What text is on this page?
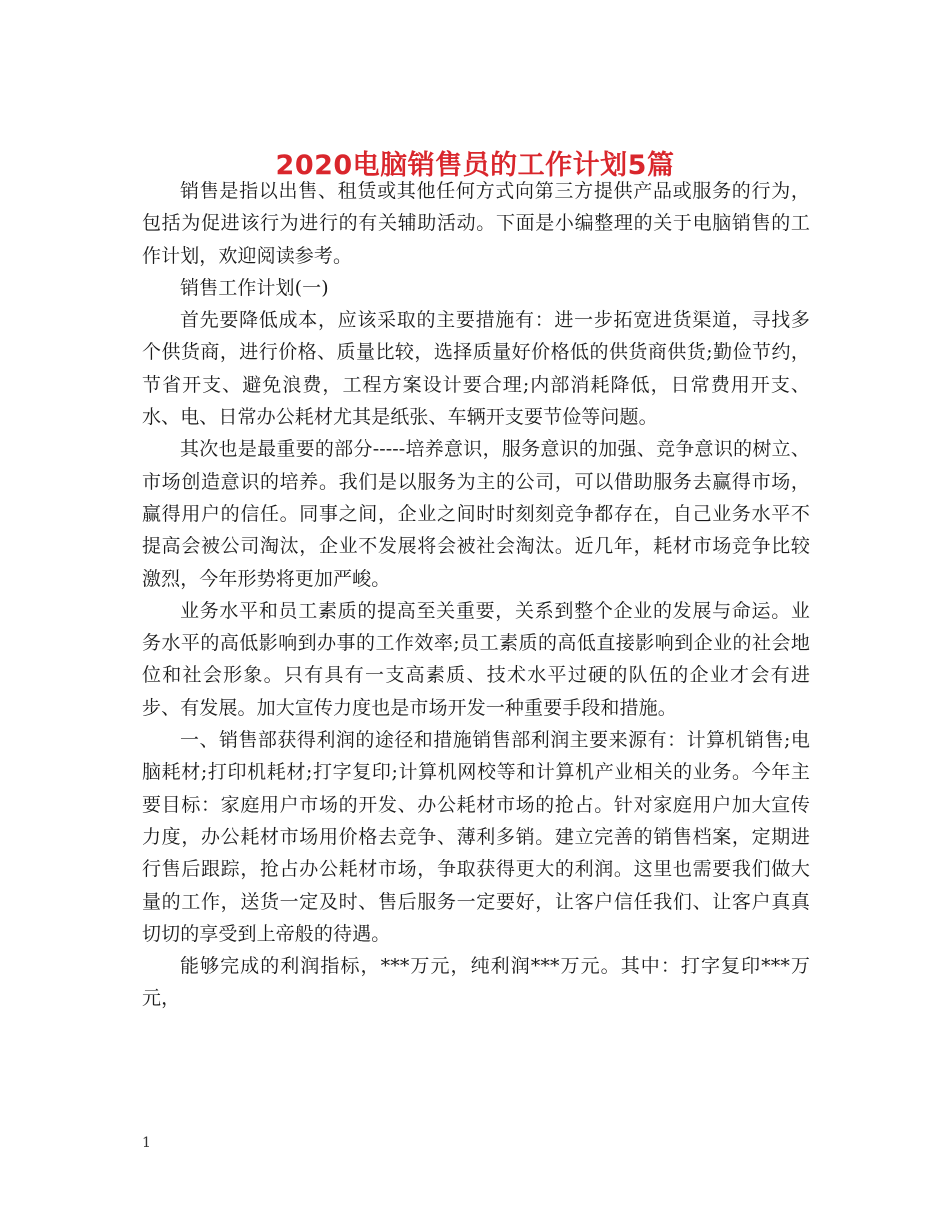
2020电脑销售员的工作计划5篇

销售是指以出售、租赁或其他任何方式向第三方提供产品或服务的行为，包括为促进该行为进行的有关辅助活动。下面是小编整理的关于电脑销售的工作计划，欢迎阅读参考。

销售工作计划(一)

首先要降低成本，应该采取的主要措施有：进一步拓宽进货渠道，寻找多个供货商，进行价格、质量比较，选择质量好价格低的供货商供货;勤俭节约，节省开支、避免浪费，工程方案设计要合理;内部消耗降低，日常费用开支、水、电、日常办公耗材尤其是纸张、车辆开支要节俭等问题。

其次也是最重要的部分-----培养意识，服务意识的加强、竞争意识的树立、市场创造意识的培养。我们是以服务为主的公司，可以借助服务去赢得市场，赢得用户的信任。同事之间，企业之间时时刻刻竞争都存在，自己业务水平不提高会被公司淘汰，企业不发展将会被社会淘汰。近几年，耗材市场竞争比较激烈，今年形势将更加严峻。

业务水平和员工素质的提高至关重要，关系到整个企业的发展与命运。业务水平的高低影响到办事的工作效率;员工素质的高低直接影响到企业的社会地位和社会形象。只有具有一支高素质、技术水平过硬的队伍的企业才会有进步、有发展。加大宣传力度也是市场开发一种重要手段和措施。

一、销售部获得利润的途径和措施销售部利润主要来源有：计算机销售;电脑耗材;打印机耗材;打字复印;计算机网校等和计算机产业相关的业务。今年主要目标：家庭用户市场的开发、办公耗材市场的抢占。针对家庭用户加大宣传力度，办公耗材市场用价格去竞争、薄利多销。建立完善的销售档案，定期进行售后跟踪，抢占办公耗材市场，争取获得更大的利润。这里也需要我们做大量的工作，送货一定及时、售后服务一定要好，让客户信任我们、让客户真真切切的享受到上帝般的待遇。

能够完成的利润指标，***万元，纯利润***万元。其中：打字复印***万元，

1
